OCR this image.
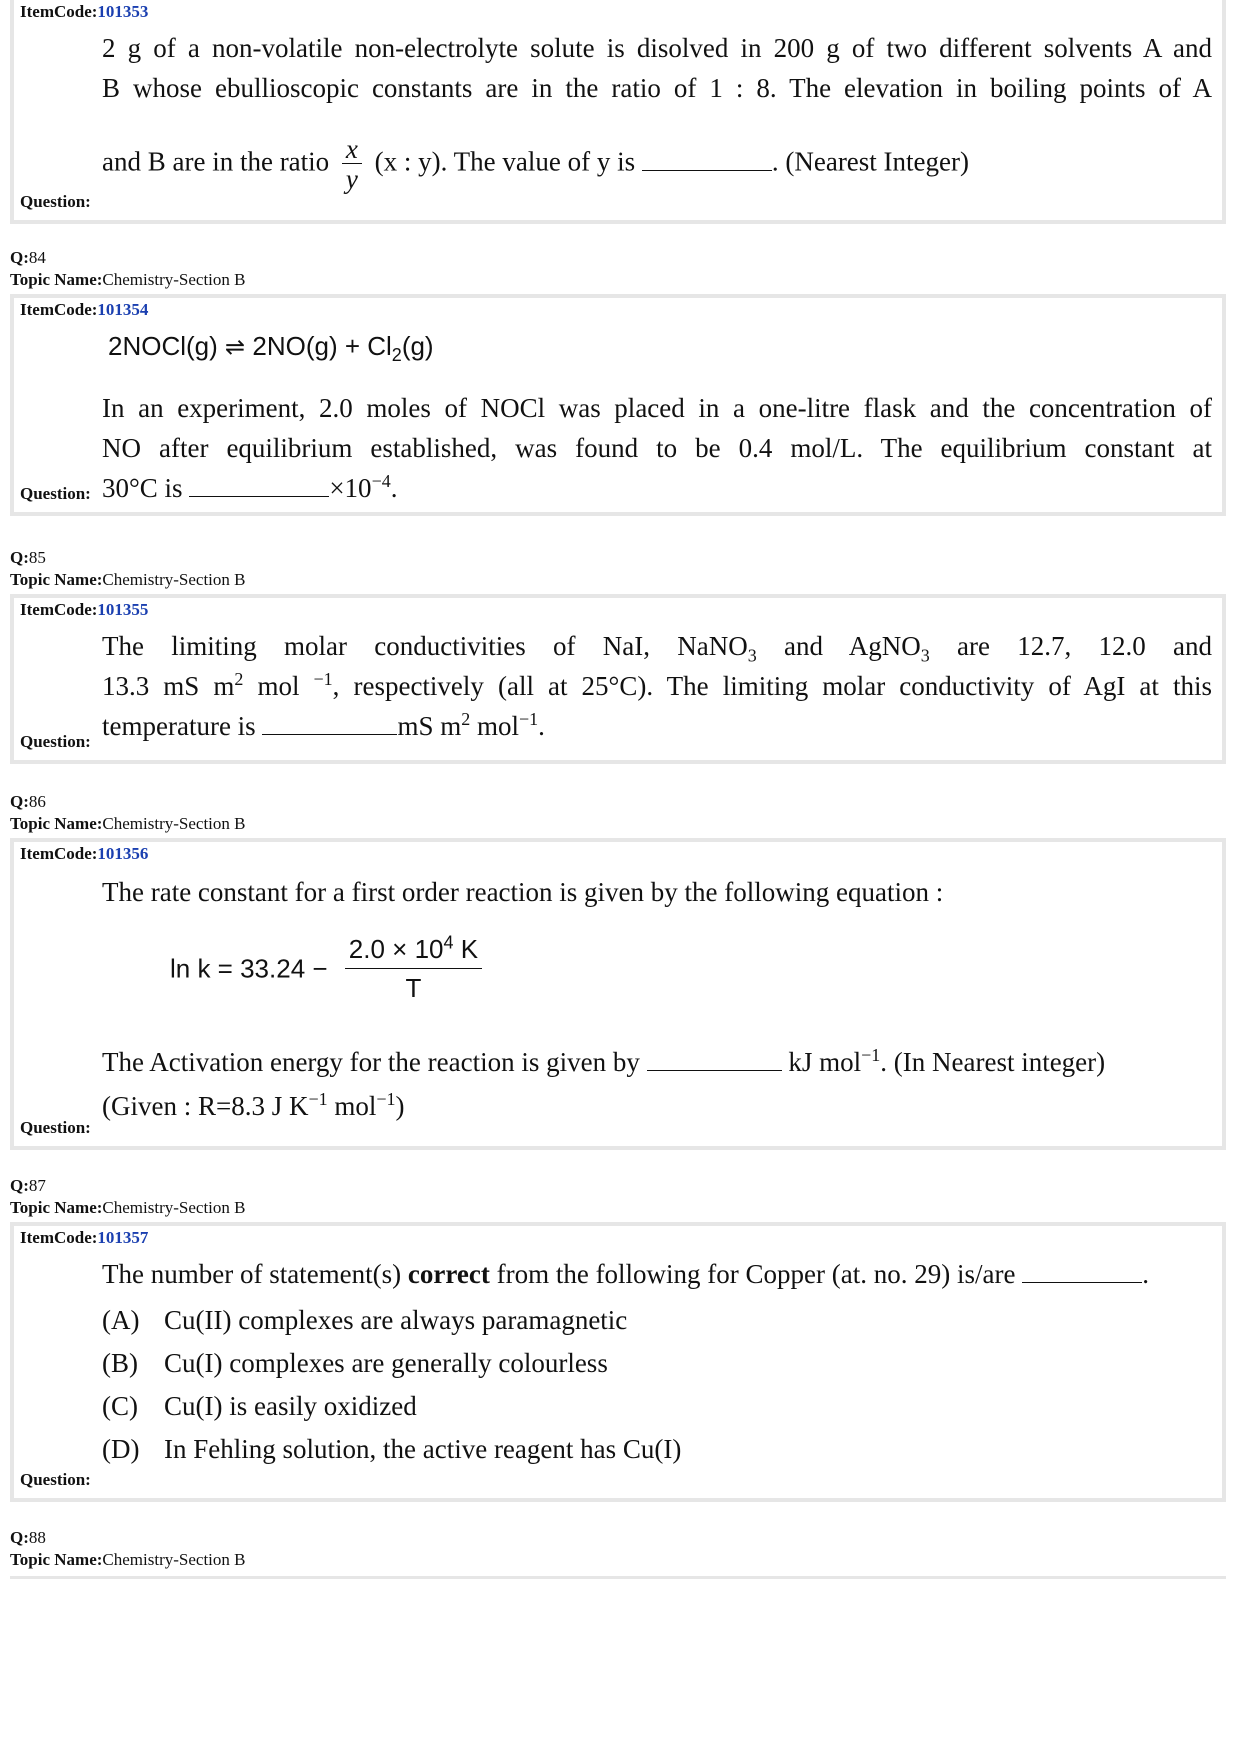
ItemCode:101353
2 g of a non-volatile non-electrolyte solute is disolved in 200 g of two different solvents A and
B whose ebullioscopic constants are in the ratio of 1 : 8. The elevation in boiling points of A
and B are in the ratio $\frac{x}{y} (x$ : y). The value of y is	. (Nearest Integer)
Question:
Q:84
Topic Name:Chemistry-Section B
ItemCode:101354
2NOCl(g) ⇌ $2NO(g) + Cl_2(g)$
In an experiment, 2.0 moles of NOCl was placed in a one-litre flask and the concentration of
NO after equilibrium established, was found to be 0.4 mol/L. The equilibrium constant at
30°C is	$\times 10^{-4}$.
Question:
Q:85
Topic Name:Chemistry-Section B
ItemCode:101355
The limiting molar conductivities of NaI, NaNO$_3$ and AgNO$_3$ are 12.7, 12.0 and
13.3 mS $m^2$ mol $^{-1}$, respectively (all at 25°C). The limiting molar conductivity of AgI at this
temperature is	mS $m^2$ mol$^{-1}$.
Question:
Q:86
Topic Name:Chemistry-Section B
ItemCode:101356
The rate constant for a first order reaction is given by the following equation :
$\ln k = 33.24 - \frac{2.0 \times 10^4 K}{T}$
The Activation energy for the reaction is given by	kJ mol$^{-1}$. (In Nearest integer)
(Given : R=8.3 J $K^{-1}$ mol$^{-1}$)
Question:
Q:87
Topic Name:Chemistry-Section B
ItemCode:101357
The number of statement(s) correct from the following for Copper (at. no. 29) is/are	.
(A) Cu(II) complexes are always paramagnetic
(B) Cu(I) complexes are generally colourless
(C) Cu(I) is easily oxidized
(D) In Fehling solution, the active reagent has Cu(I)
Question:
Q:88
Topic Name:Chemistry-Section B
